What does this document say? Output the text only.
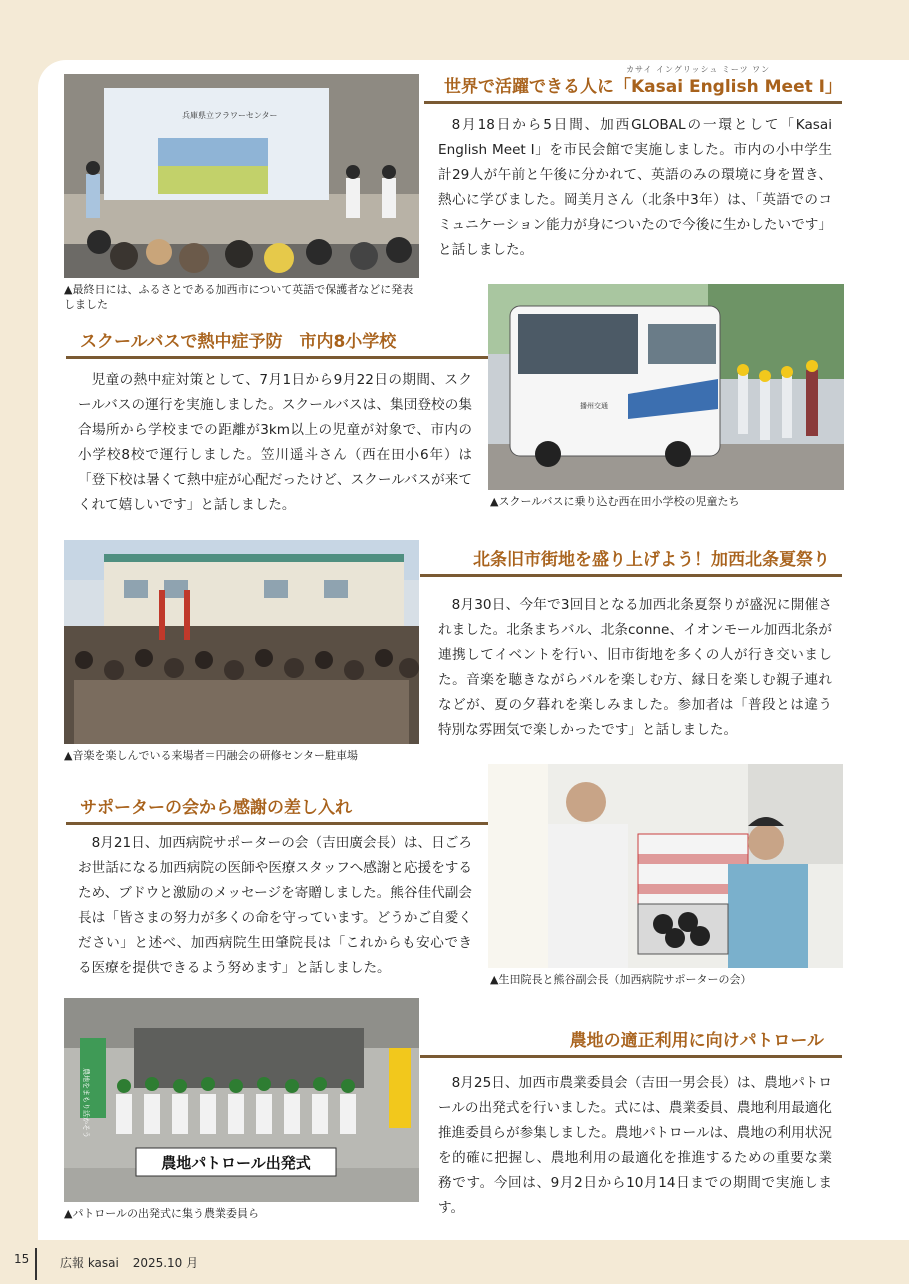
兵庫県立フラワーセンター
▲最終日には、ふるさとである加西市について英語で保護者などに発表しました
カサイ イングリッシュ ミーツ ワン
世界で活躍できる人に「Kasai English Meet Ⅰ」
8月18日から5日間、加西GLOBALの一環として「Kasai English Meet Ⅰ」を市民会館で実施しました。市内の小中学生計29人が午前と午後に分かれて、英語のみの環境に身を置き、熱心に学びました。岡美月さん（北条中3年）は、「英語でのコミュニケーション能力が身についたので今後に生かしたいです」と話しました。
スクールバスで熱中症予防　市内8小学校
児童の熱中症対策として、7月1日から9月22日の期間、スクールバスの運行を実施しました。スクールバスは、集団登校の集合場所から学校までの距離が3km以上の児童が対象で、市内の小学校8校で運行しました。笠川遥斗さん（西在田小6年）は「登下校は暑くて熱中症が心配だったけど、スクールバスが来てくれて嬉しいです」と話しました。
播州交通
▲スクールバスに乗り込む西在田小学校の児童たち
▲音楽を楽しんでいる来場者＝円融会の研修センター駐車場
北条旧市街地を盛り上げよう！加西北条夏祭り
8月30日、今年で3回目となる加西北条夏祭りが盛況に開催されました。北条まちバル、北条conne、イオンモール加西北条が連携してイベントを行い、旧市街地を多くの人が行き交いました。音楽を聴きながらバルを楽しむ方、縁日を楽しむ親子連れなどが、夏の夕暮れを楽しみました。参加者は「普段とは違う特別な雰囲気で楽しかったです」と話しました。
サポーターの会から感謝の差し入れ
8月21日、加西病院サポーターの会（吉田廣会長）は、日ごろお世話になる加西病院の医師や医療スタッフへ感謝と応援をするため、ブドウと激励のメッセージを寄贈しました。熊谷佳代副会長は「皆さまの努力が多くの命を守っています。どうかご自愛ください」と述べ、加西病院生田肇院長は「これからも安心できる医療を提供できるよう努めます」と話しました。
▲生田院長と熊谷副会長（加西病院サポーターの会）
農地をまもり活かそう
農地パトロール出発式
▲パトロールの出発式に集う農業委員ら
農地の適正利用に向けパトロール
8月25日、加西市農業委員会（吉田一男会長）は、農地パトロールの出発式を行いました。式には、農業委員、農地利用最適化推進委員らが参集しました。農地パトロールは、農地の利用状況を的確に把握し、農地利用の最適化を推進するための重要な業務です。今回は、9月2日から10月14日までの期間で実施します。
15	広報 kasai 2025.10 月
